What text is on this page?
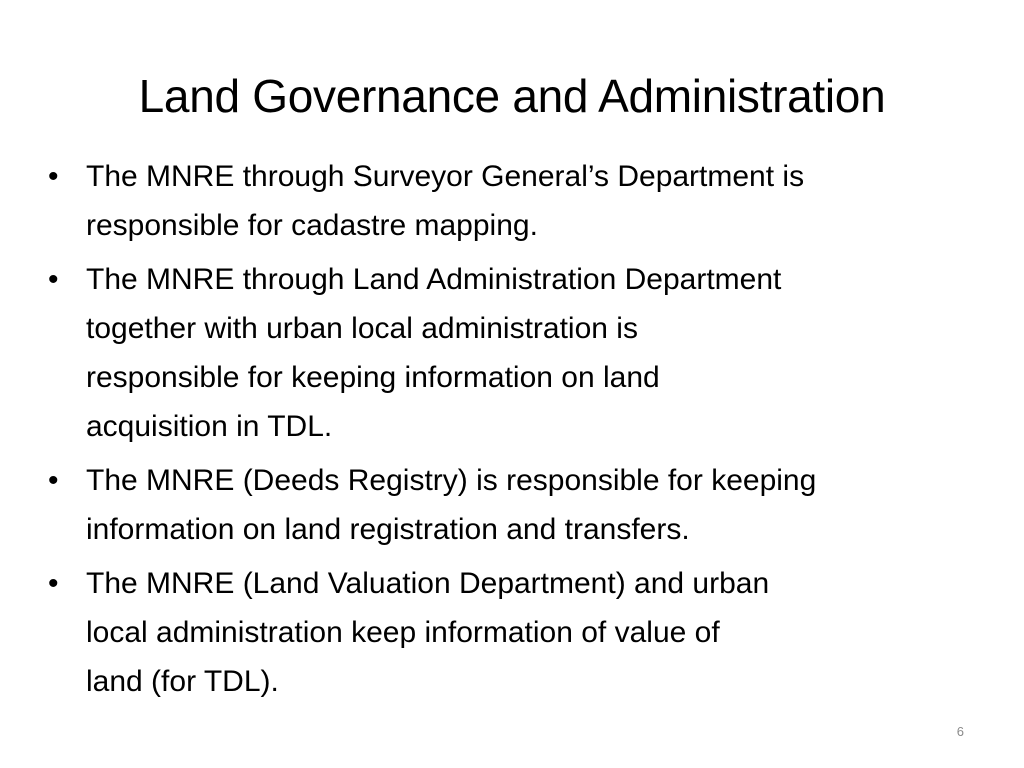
Land Governance and Administration
• The MNRE through Surveyor General’s Department is
responsible for cadastre mapping.
• The MNRE through Land Administration Department
together with urban local administration is
responsible for keeping information on land
acquisition in TDL.
• The MNRE (Deeds Registry) is responsible for keeping
information on land registration and transfers.
• The MNRE (Land Valuation Department) and urban
local administration keep information of value of
land (for TDL).
6
